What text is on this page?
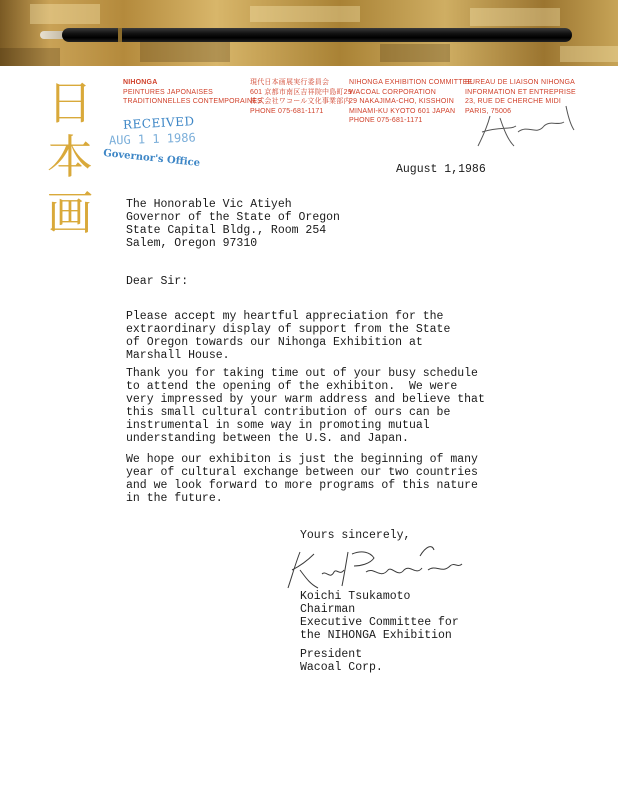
日
本
画
NIHONGA
PEINTURES JAPONAISES
TRADITIONNELLES CONTEMPORAINES
現代日本画展実行委員会
601 京都市南区吉祥院中島町29
株式会社ワコール文化事業部内
PHONE 075-681-1171
NIHONGA EXHIBITION COMMITTEE
WACOAL CORPORATION
29 NAKAJIMA-CHO, KISSHOIN
MINAMI-KU KYOTO 601 JAPAN
PHONE 075-681-1171
BUREAU DE LIAISON NIHONGA
INFORMATION ET ENTREPRISE
23, RUE DE CHERCHE MIDI
PARIS, 75006
RECEIVED
AUG 1 1 1986
Governor's Office
August 1,1986
The Honorable Vic Atiyeh
Governor of the State of Oregon
State Capital Bldg., Room 254
Salem, Oregon 97310
Dear Sir:
Please accept my heartful appreciation for the
extraordinary display of support from the State
of Oregon towards our Nihonga Exhibition at
Marshall House.
Thank you for taking time out of your busy schedule
to attend the opening of the exhibiton.  We were
very impressed by your warm address and believe that
this small cultural contribution of ours can be
instrumental in some way in promoting mutual
understanding between the U.S. and Japan.
We hope our exhibiton is just the beginning of many
year of cultural exchange between our two countries
and we look forward to more programs of this nature
in the future.
Yours sincerely,
Koichi Tsukamoto
Chairman
Executive Committee for
the NIHONGA Exhibition
President
Wacoal Corp.
